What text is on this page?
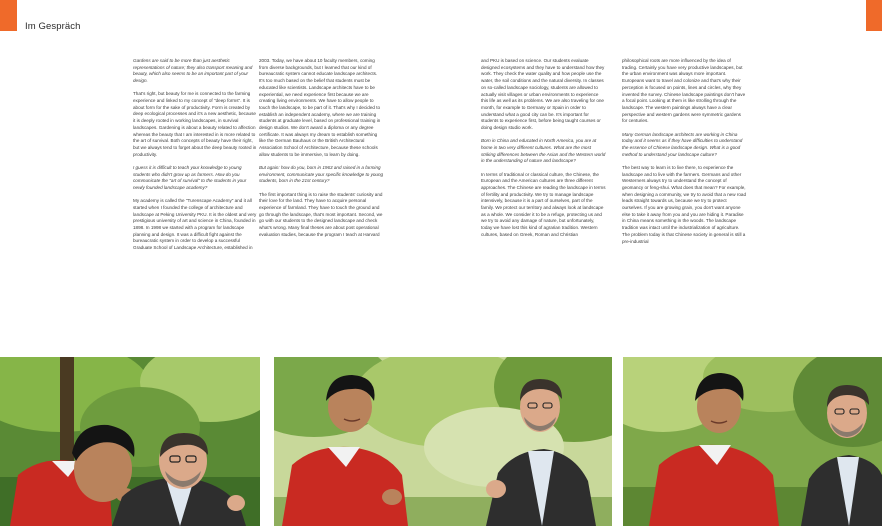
Im Gespräch

Gardens are said to be more than just aesthetic representations of nature; they also transport meaning and beauty, which also seems to be an important part of your design.

That's right, but beauty for me is connected to the farming experience and linked to my concept of "deep forms". It is about form for the sake of productivity. Form is created by deep ecological processes and it's a new aesthetic, because it is deeply rooted in working landscapes, in survival landscapes. Gardening is about a beauty related to affection whereas the beauty that I am interested in is more related to the art of survival. Both concepts of beauty have their right, but we always tend to forget about the deep beauty rooted in productivity.

I guess it is difficult to teach your knowledge to young students who didn't grow up as farmers. How do you communicate the "art of survival" to the students in your newly founded landscape academy?

My academy is called the "Turenscape Academy" and it all started when I founded the college of architecture and landscape at Peking University PKU. It is the oldest and very prestigious university of art and science in China, founded in 1898. In 1998 we started with a program for landscape planning and design. It was a difficult fight against the bureaucratic system in order to develop a successful Graduate School of Landscape Architecture, established in

2003. Today, we have about 10 faculty members, coming from diverse backgrounds, but I learned that our kind of bureaucratic system cannot educate landscape architects. It's too much based on the belief that students must be educated like scientists. Landscape architects have to be experiential, we need experience first because we are creating living environments. We have to allow people to touch the landscape, to be part of it. That's why I decided to establish an independent academy, where we are training students at graduate level, based on professional training in design studios. We don't award a diploma or any degree certificate. It was always my dream to establish something like the German Bauhaus or the British Architectural Association School of Architecture, because these schools allow students to be immersive, to learn by doing.

But again: how do you, born in 1963 and raised in a farming environment, communicate your specific knowledge to young students, born in the 21st century?

The first important thing is to raise the students' curiosity and their love for the land. They have to acquire personal experience of farmland. They have to touch the ground and go through the landscape, that's most important. Second, we go with our students to the designed landscape and check what's wrong. Many final theses are about post operational evaluation studies, because the program I teach at Harvard

and PKU is based on science. Our students evaluate designed ecosystems and they have to understand how they work. They check the water quality and how people use the water, the soil conditions and the natural diversity. In classes on so-called landscape sociology, students are allowed to actually visit villages or urban environments to experience this life as well as its problems. We are also traveling for one month, for example to Germany or Spain in order to understand what a good city can be. It's important for students to experience first, before being taught courses or doing design studio work.

Born in China and educated in North America, you are at home in two very different cultures. What are the most striking differences between the Asian and the Western world in the understanding of nature and landscape?

In terms of traditional or classical culture, the Chinese, the European and the American cultures are three different approaches. The Chinese are reading the landscape in terms of fertility and productivity. We try to manage landscape intensively, because it is a part of ourselves, part of the family. We protect our territory and always look at landscape as a whole. We consider it to be a refuge, protecting us and we try to avoid any damage of nature, but unfortunately, today we have lost this kind of agrarian tradition. Western cultures, based on Greek, Roman and Christian

philosophical roots are more influenced by the idea of trading. Certainly you have very productive landscapes, but the urban environment was always more important. Europeans want to travel and colonize and that's why their perception is focused on points, lines and circles, why they invented the survey. Chinese landscape paintings don't have a focal point. Looking at them is like strolling through the landscape. The western paintings always have a clear perspective and western gardens were symmetric gardens for centuries.

Many German landscape architects are working in China today and it seems as if they have difficulties to understand the essence of Chinese landscape design. What is a good method to understand your landscape culture?

The best way to learn is to live there, to experience the landscape and to live with the farmers. Germans and other Westerners always try to understand the concept of geomancy or feng-shui. What does that mean? For example, when designing a community, we try to avoid that a new road leads straight towards us, because we try to protect ourselves. If you are growing grain, you don't want anyone else to take it away from you and you are hiding it. Paradise in China means something in the woods. The landscape tradition was intact until the industrialization of agriculture. The problem today is that Chinese society in general is still a pre-industrial
